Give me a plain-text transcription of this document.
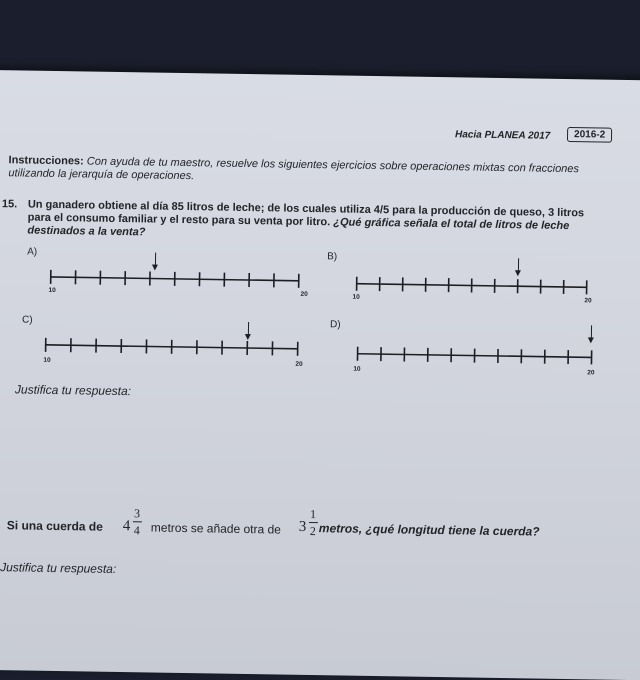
Hacia PLANEA 2017	2016-2
Instrucciones: Con ayuda de tu maestro, resuelve los siguientes ejercicios sobre operaciones mixtas con fracciones utilizando la jerarquía de operaciones.
15. Un ganadero obtiene al día 85 litros de leche; de los cuales utiliza 4/5 para la producción de queso, 3 litros para el consumo familiar y el resto para su venta por litro. ¿Qué gráfica señala el total de litros de leche destinados a la venta?
A)
10
20
B)
10
20
C)
10
20
D)
10
20
Justifica tu respuesta:
Si una cuerda de 4
3
4 metros se añade otra de 3
1
2 metros, ¿qué longitud tiene la cuerda?
Justifica tu respuesta:
